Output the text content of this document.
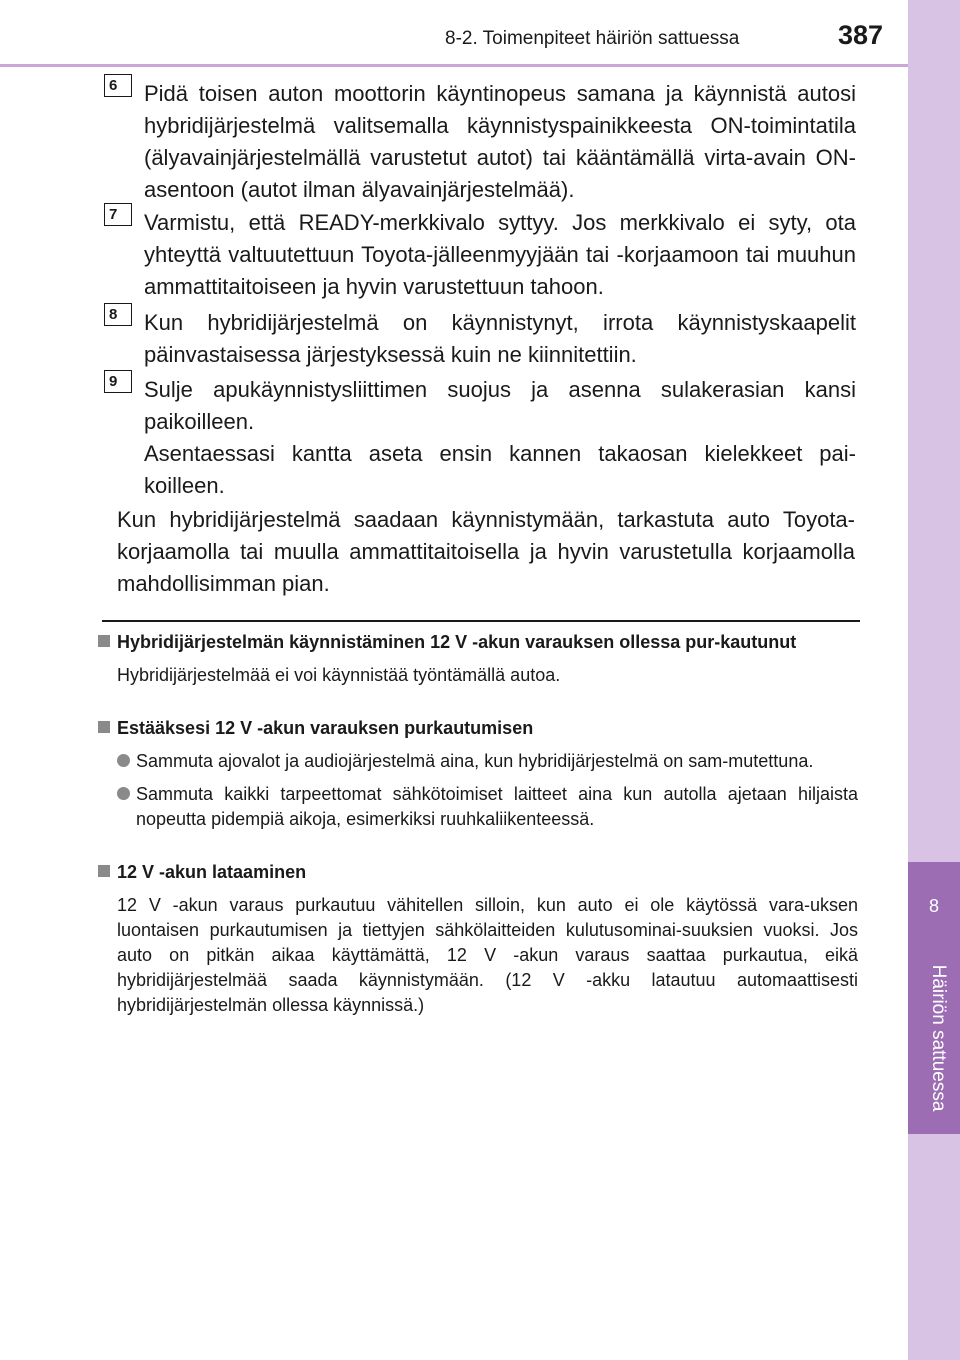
8-2. Toimenpiteet häiriön sattuessa	387
8
Häiriön sattuessa
6	Pidä toisen auton moottorin käyntinopeus samana ja käynnistä autosi hybridijärjestelmä valitsemalla käynnistyspainikkeesta ON-toimintatila (älyavainjärjestelmällä varustetut autot) tai kääntämällä virta-avain ON-asentoon (autot ilman älyavainjärjestelmää).
7	Varmistu, että READY-merkkivalo syttyy. Jos merkkivalo ei syty, ota yhteyttä valtuutettuun Toyota-jälleenmyyjään tai -korjaamoon tai muuhun ammattitaitoiseen ja hyvin varustettuun tahoon.
8	Kun hybridijärjestelmä on käynnistynyt, irrota käynnistyskaapelit päinvastaisessa järjestyksessä kuin ne kiinnitettiin.
9	Sulje apukäynnistysliittimen suojus ja asenna sulakerasian kansi paikoilleen.
Asentaessasi kantta aseta ensin kannen takaosan kielekkeet pai-koilleen.
Kun hybridijärjestelmä saadaan käynnistymään, tarkastuta auto Toyota-korjaamolla tai muulla ammattitaitoisella ja hyvin varustetulla korjaamolla mahdollisimman pian.
Hybridijärjestelmän käynnistäminen 12 V -akun varauksen ollessa pur-kautunut
Hybridijärjestelmää ei voi käynnistää työntämällä autoa.
Estääksesi 12 V -akun varauksen purkautumisen
Sammuta ajovalot ja audiojärjestelmä aina, kun hybridijärjestelmä on sam-mutettuna.
Sammuta kaikki tarpeettomat sähkötoimiset laitteet aina kun autolla ajetaan hiljaista nopeutta pidempiä aikoja, esimerkiksi ruuhkaliikenteessä.
12 V -akun lataaminen
12 V -akun varaus purkautuu vähitellen silloin, kun auto ei ole käytössä vara-uksen luontaisen purkautumisen ja tiettyjen sähkölaitteiden kulutusominai-suuksien vuoksi. Jos auto on pitkän aikaa käyttämättä, 12 V -akun varaus saattaa purkautua, eikä hybridijärjestelmää saada käynnistymään. (12 V -akku latautuu automaattisesti hybridijärjestelmän ollessa käynnissä.)
